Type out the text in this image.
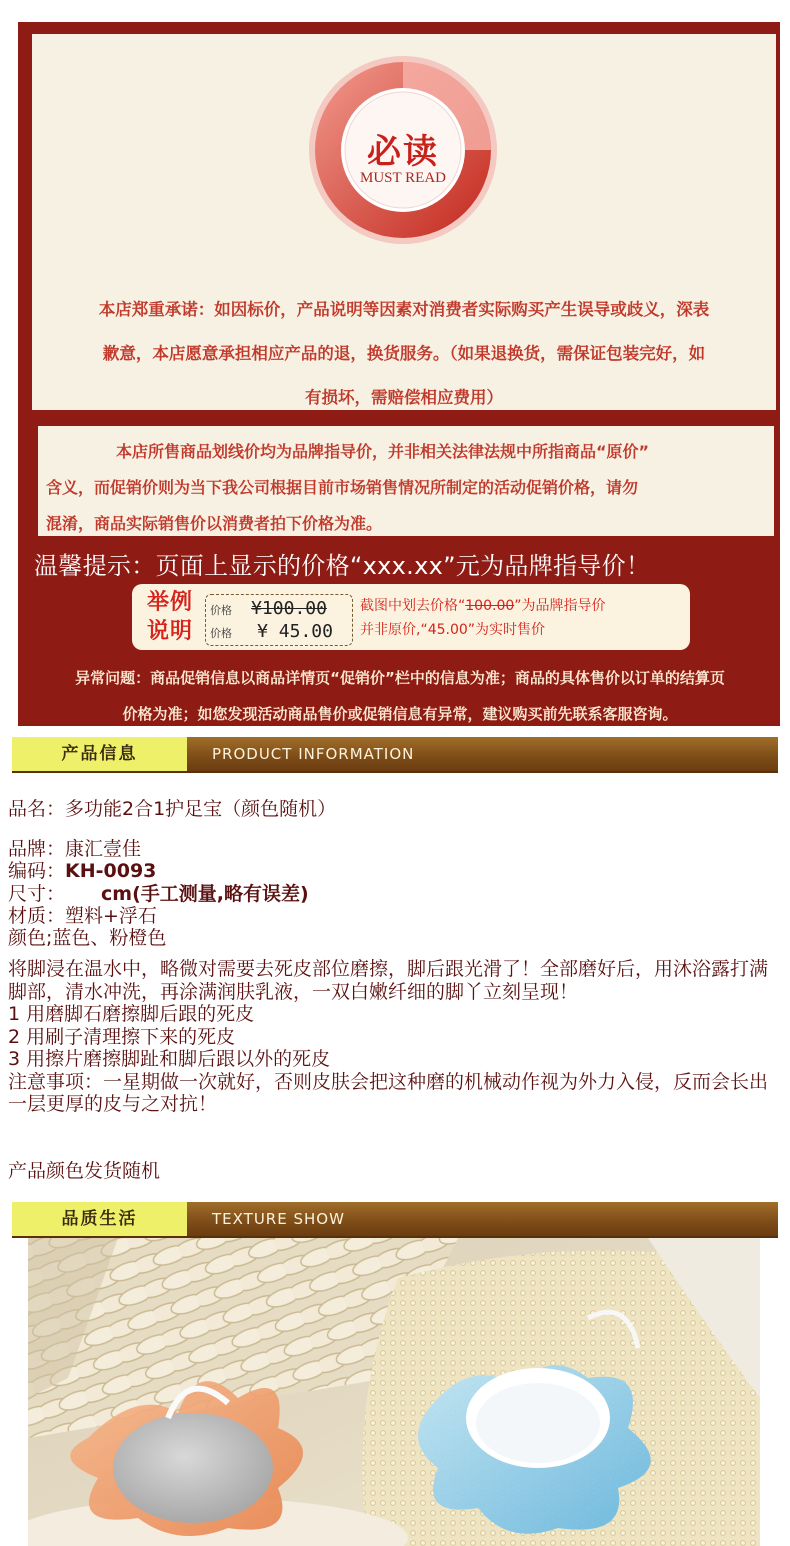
必读
MUST READ
本店郑重承诺：如因标价，产品说明等因素对消费者实际购买产生误导或歧义，深表
歉意，本店愿意承担相应产品的退，换货服务。（如果退换货，需保证包装完好，如
有损坏，需赔偿相应费用）
本店所售商品划线价均为品牌指导价，并非相关法律法规中所指商品“原价”
含义，而促销价则为当下我公司根据目前市场销售情况所制定的活动促销价格，请勿
混淆，商品实际销售价以消费者拍下价格为准。
温馨提示：页面上显示的价格“xxx.xx”元为品牌指导价！
举例
说明
价格 ¥100.00
价格 ¥ 45.00
截图中划去价格“100.00”为品牌指导价
并非原价,“45.00”为实时售价
异常问题：商品促销信息以商品详情页“促销价”栏中的信息为准；商品的具体售价以订单的结算页
价格为准；如您发现活动商品售价或促销信息有异常，建议购买前先联系客服咨询。
产品信息	PRODUCT INFORMATION
品名：多功能2合1护足宝（颜色随机）
品牌：康汇壹佳
编码：KH-0093
尺寸： cm(手工测量,略有误差)
材质：塑料+浮石
颜色;蓝色、粉橙色
将脚浸在温水中，略微对需要去死皮部位磨擦，脚后跟光滑了！全部磨好后，用沐浴露打满脚部，清水冲洗，再涂满润肤乳液，一双白嫩纤细的脚丫立刻呈现！
1 用磨脚石磨擦脚后跟的死皮
2 用刷子清理擦下来的死皮
3 用擦片磨擦脚趾和脚后跟以外的死皮
注意事项：一星期做一次就好，否则皮肤会把这种磨的机械动作视为外力入侵，反而会长出一层更厚的皮与之对抗！
产品颜色发货随机
品质生活	TEXTURE SHOW
